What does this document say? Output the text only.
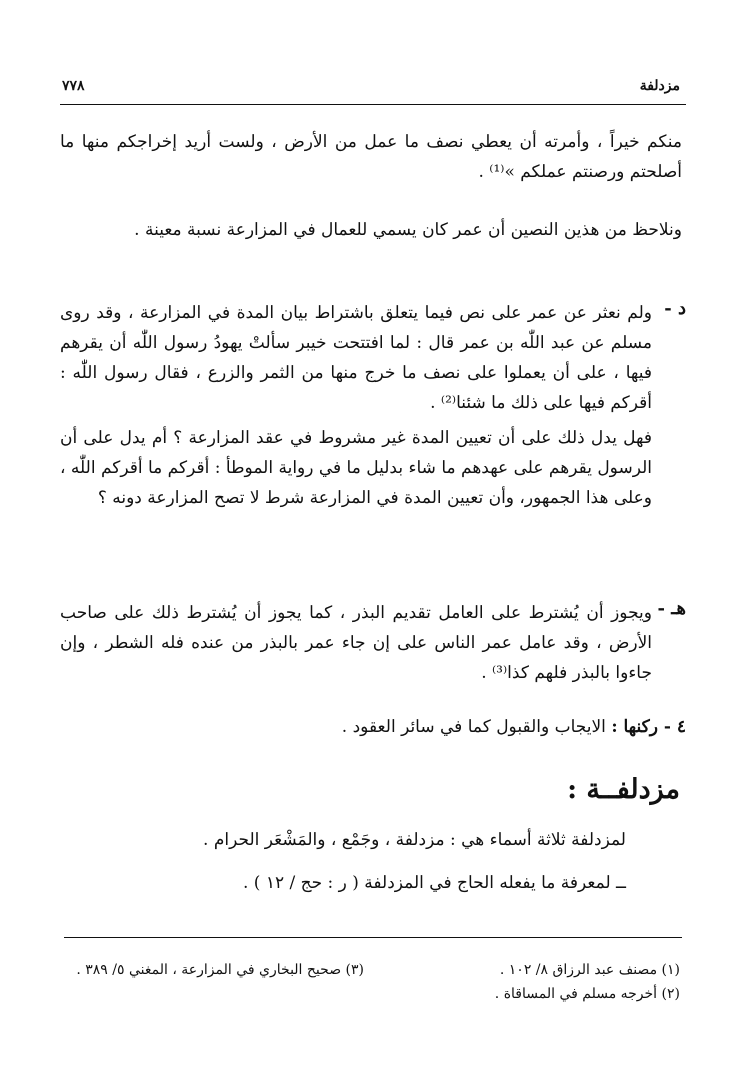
مزدلفة
٧٧٨
منكم خيراً ، وأمرته أن يعطي نصف ما عمل من الأرض ، ولست أريد إخراجكم منها ما أصلحتم ورصنتم عملكم »⁽¹⁾ .
ونلاحظ من هذين النصين أن عمر كان يسمي للعمال في المزارعة نسبة معينة .
د -
ولم نعثر عن عمر على نص فيما يتعلق باشتراط بيان المدة في المزارعة ، وقد روى مسلم عن عبد اللّٰه بن عمر قال : لما افتتحت خيبر سألتْ يهودُ رسول اللّٰه أن يقرهم فيها ، على أن يعملوا على نصف ما خرج منها من الثمر والزرع ، فقال رسول اللّٰه : أقركم فيها على ذلك ما شئنا⁽²⁾ .
فهل يدل ذلك على أن تعيين المدة غير مشروط في عقد المزارعة ؟ أم يدل على أن الرسول يقرهم على عهدهم ما شاء بدليل ما في رواية الموطأ : أقركم ما أقركم اللّٰه ، وعلى هذا الجمهور، وأن تعيين المدة في المزارعة شرط لا تصح المزارعة دونه ؟
هـ -
ويجوز أن يُشترط على العامل تقديم البذر ، كما يجوز أن يُشترط ذلك على صاحب الأرض ، وقد عامل عمر الناس على إن جاء عمر بالبذر من عنده فله الشطر ، وإن جاءوا بالبذر فلهم كذا⁽³⁾ .
٤ - ركنها : الايجاب والقبول كما في سائر العقود .
مزدلفــة :
لمزدلفة ثلاثة أسماء هي : مزدلفة ، وجَمْع ، والمَشْعَر الحرام .
ــ لمعرفة ما يفعله الحاج في المزدلفة ( ر : حج / ١٢ ) .
(١) مصنف عبد الرزاق ٨/ ١٠٢ .
(٢) أخرجه مسلم في المساقاة .
(٣) صحيح البخاري في المزارعة ، المغني ٥/ ٣٨٩ .
